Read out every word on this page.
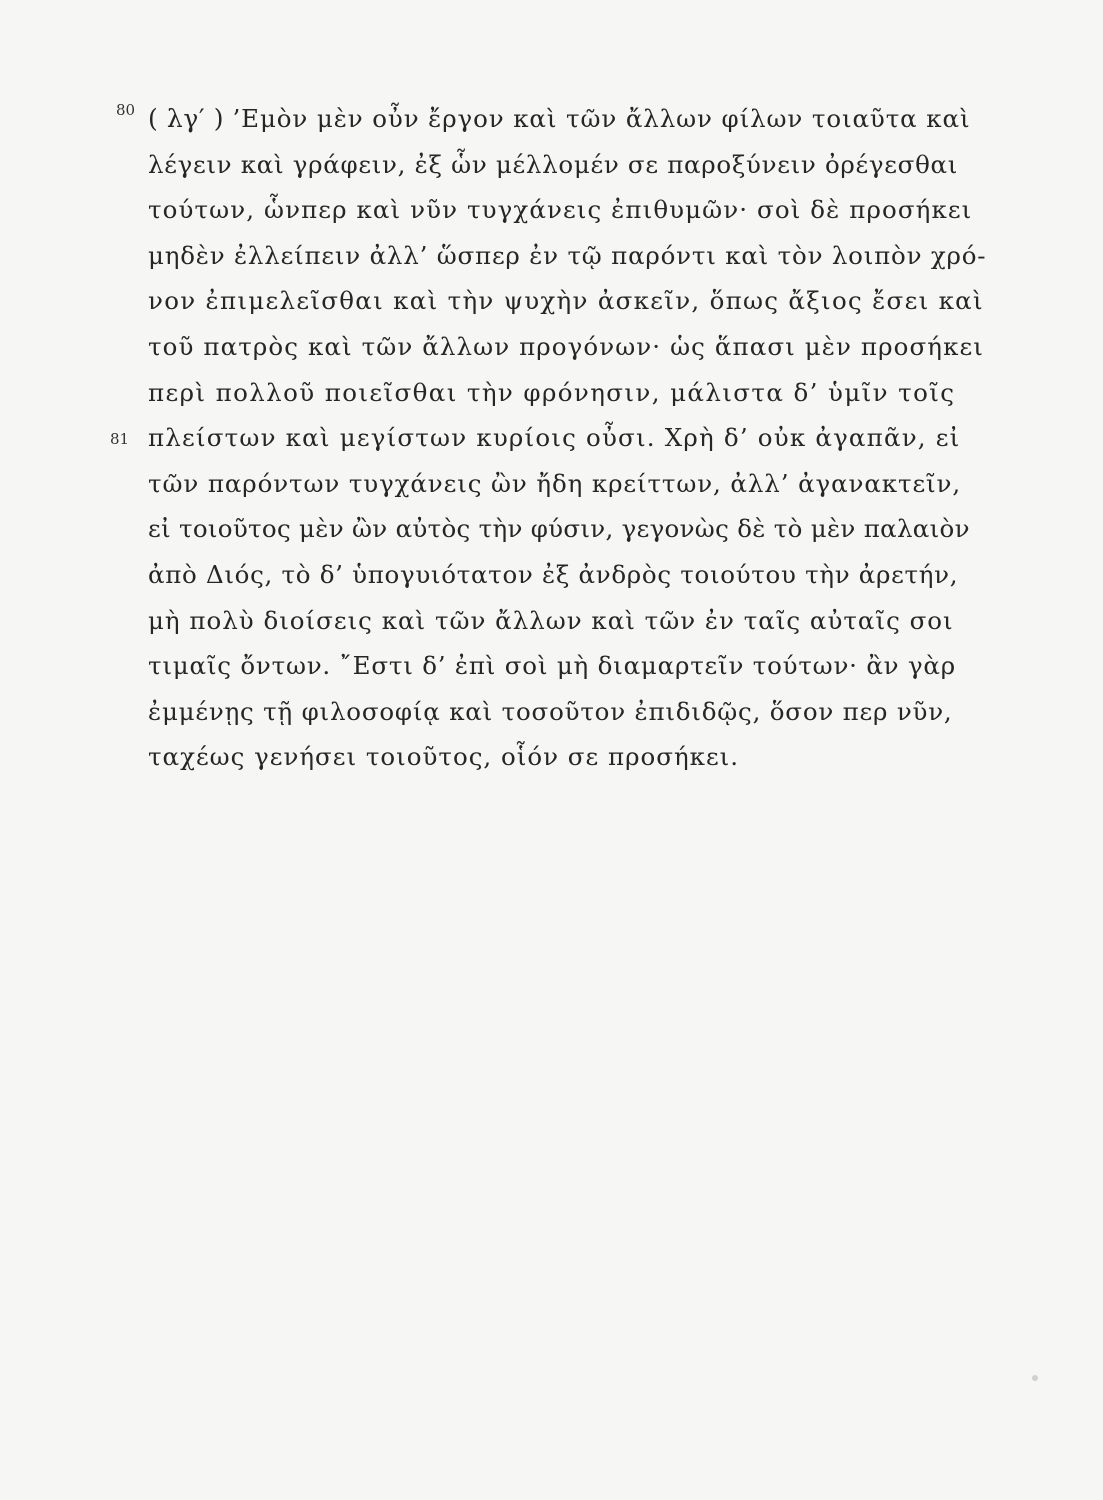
80 ( λγ′ ) ’Εμὸν μὲν οὖν ἔργον καὶ τῶν ἄλλων φίλων τοιαῦτα καὶ
λέγειν καὶ γράφειν, ἐξ ὧν μέλλομέν σε παροξύνειν ὀρέγεσθαι
τούτων, ὧνπερ καὶ νῦν τυγχάνεις ἐπιθυμῶν· σοὶ δὲ προσήκει
μηδὲν ἐλλείπειν ἀλλ’ ὥσπερ ἐν τῷ παρόντι καὶ τὸν λοιπὸν χρό-
νον ἐπιμελεῖσθαι καὶ τὴν ψυχὴν ἀσκεῖν, ὅπως ἄξιος ἔσει καὶ
τοῦ πατρὸς καὶ τῶν ἄλλων προγόνων· ὡς ἅπασι μὲν προσήκει
περὶ πολλοῦ ποιεῖσθαι τὴν φρόνησιν, μάλιστα δ’ ὑμῖν τοῖς
81 πλείστων καὶ μεγίστων κυρίοις οὖσι. Χρὴ δ’ οὐκ ἀγαπᾶν, εἰ
τῶν παρόντων τυγχάνεις ὢν ἤδη κρείττων, ἀλλ’ ἀγανακτεῖν,
εἰ τοιοῦτος μὲν ὢν αὐτὸς τὴν φύσιν, γεγονὼς δὲ τὸ μὲν παλαιὸν
ἀπὸ Διός, τὸ δ’ ὑπογυιότατον ἐξ ἀνδρὸς τοιούτου τὴν ἀρετήν,
μὴ πολὺ διοίσεις καὶ τῶν ἄλλων καὶ τῶν ἐν ταῖς αὐταῖς σοι
τιμαῖς ὄντων. ῎Εστι δ’ ἐπὶ σοὶ μὴ διαμαρτεῖν τούτων· ἂν γὰρ
ἐμμένῃς τῇ φιλοσοφίᾳ καὶ τοσοῦτον ἐπιδιδῷς, ὅσον περ νῦν,
ταχέως γενήσει τοιοῦτος, οἷόν σε προσήκει.
